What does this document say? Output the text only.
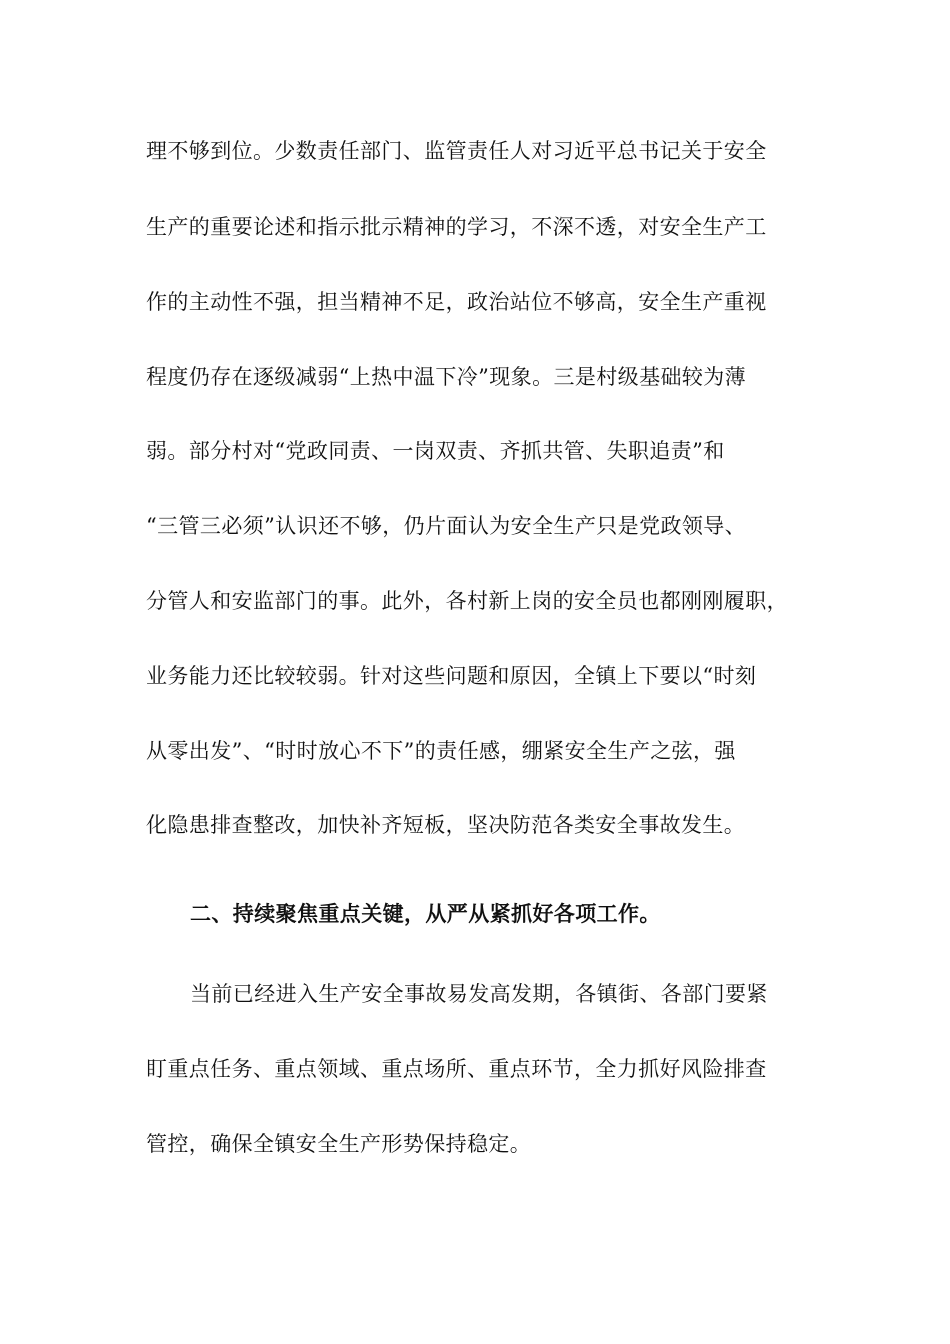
理不够到位。少数责任部门、监管责任人对习近平总书记关于安全
生产的重要论述和指示批示精神的学习，不深不透，对安全生产工
作的主动性不强，担当精神不足，政治站位不够高，安全生产重视
程度仍存在逐级减弱“上热中温下冷”现象。三是村级基础较为薄
弱。部分村对“党政同责、一岗双责、齐抓共管、失职追责”和
“三管三必须”认识还不够，仍片面认为安全生产只是党政领导、
分管人和安监部门的事。此外，各村新上岗的安全员也都刚刚履职，
业务能力还比较较弱。针对这些问题和原因，全镇上下要以“时刻
从零出发”、“时时放心不下”的责任感，绷紧安全生产之弦，强
化隐患排查整改，加快补齐短板，坚决防范各类安全事故发生。
二、持续聚焦重点关键，从严从紧抓好各项工作。
当前已经进入生产安全事故易发高发期，各镇街、各部门要紧
盯重点任务、重点领域、重点场所、重点环节，全力抓好风险排查
管控，确保全镇安全生产形势保持稳定。
